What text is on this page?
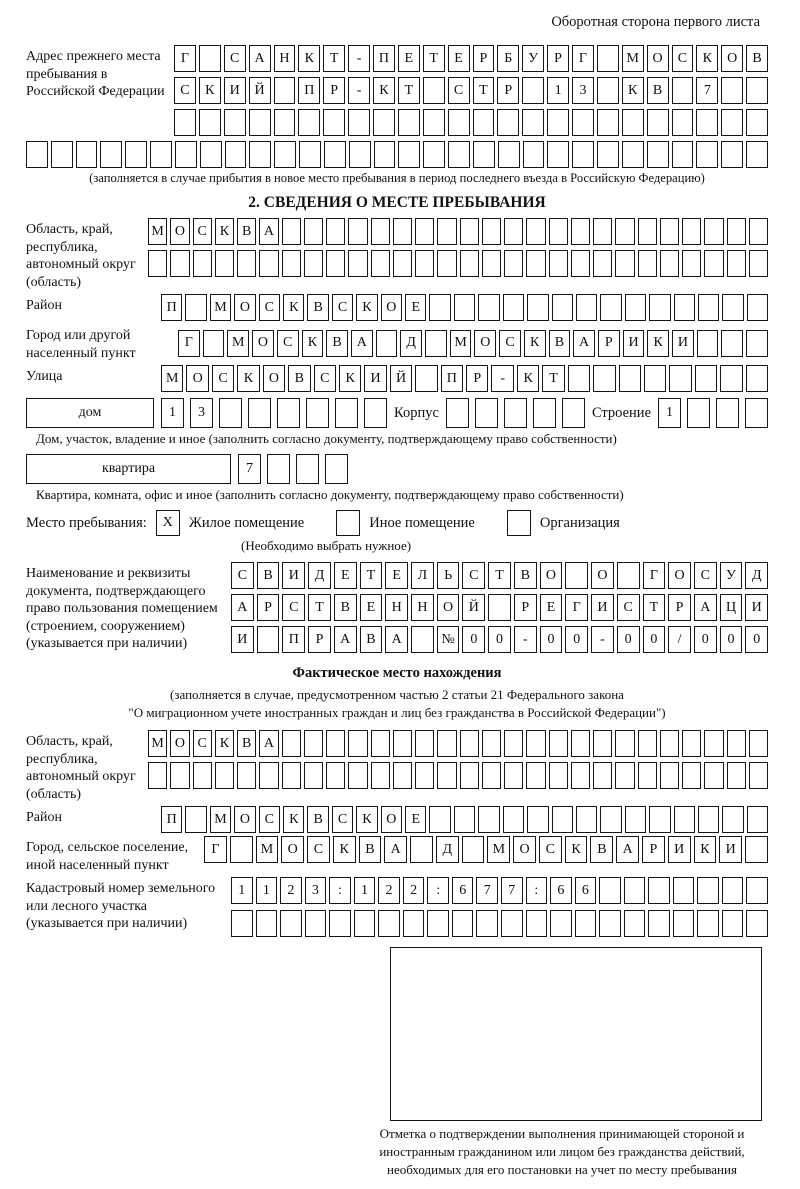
Оборотная сторона первого листа
Адрес прежнего места пребывания в Российской Федерации
Г	С	А	Н	К	Т	-	П	Е	Т	Е	Р	Б	У	Р	Г	М О	С	К	О	В
С	К	И	Й	П	Р	-	К	Т	С	Т	Р	1	3	К	В	7
(заполняется в случае прибытия в новое место пребывания в период последнего въезда в Российскую Федерацию)
2. СВЕДЕНИЯ О МЕСТЕ ПРЕБЫВАНИЯ
Область, край, республика, автономный округ (область)
М О С К В А
Район	П	М О	С	К	В	С	К	О	Е
Город или другой населенный пункт
Г	М О	С	К	В	А	Д	М О	С	К	В	А	Р	И	К	И
Улица	М	О	С	К	О	В	С	К	И	Й	П	Р	-	К	Т
дом	1	3	Корпус	Строение	1
Дом, участок, владение и иное (заполнить согласно документу, подтверждающему право собственности)
квартира	7
Квартира, комната, офис и иное (заполнить согласно документу, подтверждающему право собственности)
Место пребывания:	X	Жилое помещение	Иное помещение	Организация
(Необходимо выбрать нужное)
Наименование и реквизиты документа, подтверждающего право пользования помещением (строением, сооружением) (указывается при наличии)
С	В	И	Д	Е	Т	Е	Л	Ь	С	Т	В	О	О	Г	О	С	У	Д
А	Р	С	Т	В	Е	Н	Н	О	Й	Р	Е	Г	И	С	Т	Р	А	Ц	И
И	П	Р	А	В	А	№	0	0	-	0	0	-	0	0	/	0	0	0
Фактическое место нахождения
(заполняется в случае, предусмотренном частью 2 статьи 21 Федерального закона
"О миграционном учете иностранных граждан и лиц без гражданства в Российской Федерации")
Область, край, республика, автономный округ (область)
М О С К В А
Район	П	М О	С	К	В	С	К	О	Е
Город, сельское поселение, иной населенный пункт
Г	М	О	С	К	В	А	Д	М	О	С	К	В	А	Р	И	К	И
Кадастровый номер земельного или лесного участка (указывается при наличии)
1	1	2	3	:	1	2	2	:	6	7	7	:	6	6
Отметка о подтверждении выполнения принимающей стороной и иностранным гражданином или лицом без гражданства действий, необходимых для его постановки на учет по месту пребывания
